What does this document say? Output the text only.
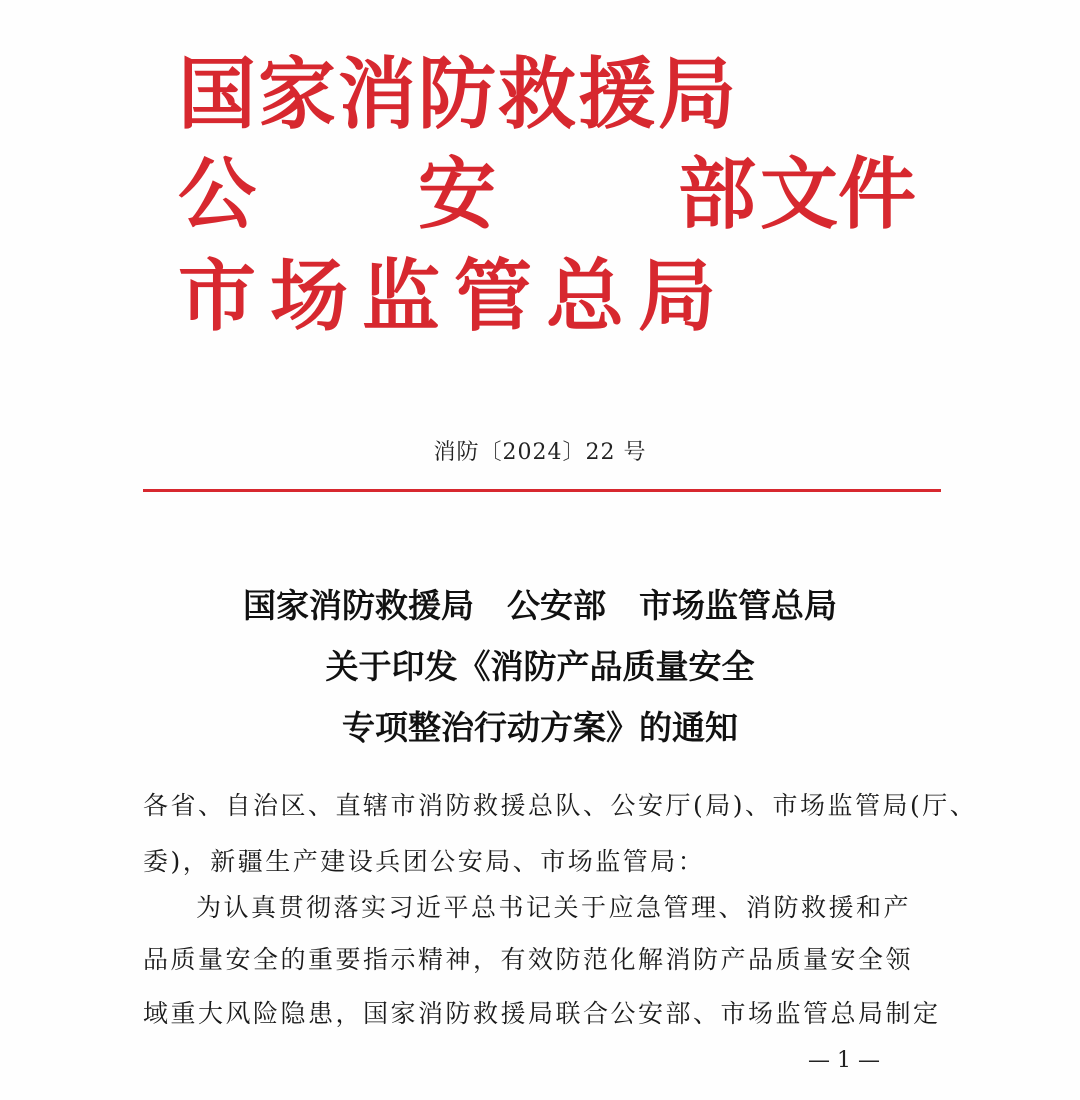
国家消防救援局
公 安 部 文件
市场监管总局
消防〔2024〕22 号
国家消防救援局　公安部　市场监管总局
关于印发《消防产品质量安全
专项整治行动方案》的通知
各省、自治区、直辖市消防救援总队、公安厅(局)、市场监管局(厅、
委)，新疆生产建设兵团公安局、市场监管局：
为认真贯彻落实习近平总书记关于应急管理、消防救援和产
品质量安全的重要指示精神，有效防范化解消防产品质量安全领
域重大风险隐患，国家消防救援局联合公安部、市场监管总局制定
— 1 —
